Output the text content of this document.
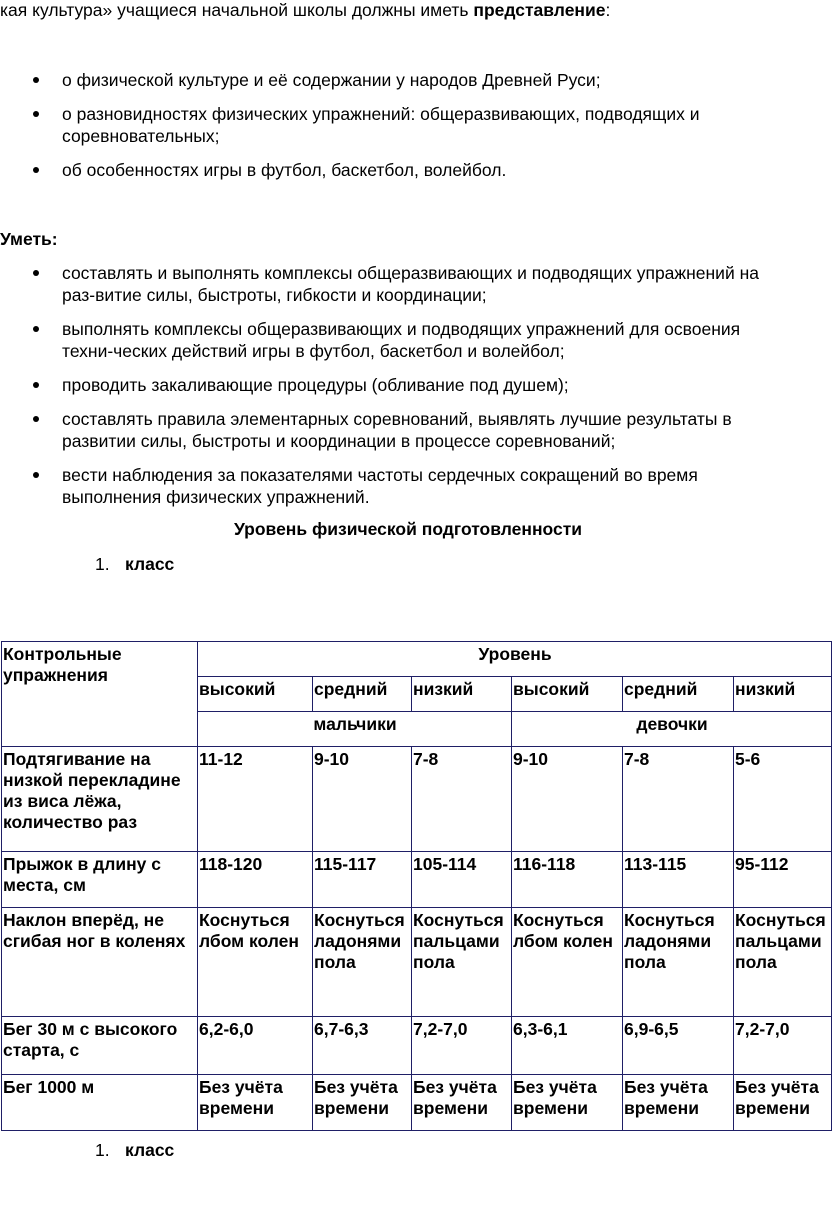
кая культура» учащиеся начальной школы должны иметь представление:
о физической культуре и её содержании у народов Древней Руси;
о разновидностях физических упражнений: общеразвивающих, подводящих и соревновательных;
об особенностях игры в футбол, баскетбол, волейбол.
Уметь:
составлять и выполнять комплексы общеразвивающих и подводящих упражнений на раз-витие силы, быстроты, гибкости и координации;
выполнять комплексы общеразвивающих и подводящих упражнений для освоения техни-ческих действий игры в футбол, баскетбол и волейбол;
проводить закаливающие процедуры (обливание под душем);
составлять правила элементарных соревнований, выявлять лучшие результаты в развитии силы, быстроты и координации в процессе соревнований;
вести наблюдения за показателями частоты сердечных сокращений во время выполнения физических упражнений.
Уровень физической подготовленности
1. класс
Контрольные упражнения	Уровень					
	высокий	средний	низкий	высокий	средний	низкий
	мальчики			девочки		
Подтягивание на низкой перекладине из виса лёжа, количество раз	11-12	9-10	7-8	9-10	7-8	5-6
Прыжок в длину с места, см	118-120	115-117	105-114	116-118	113-115	95-112
Наклон вперёд, не сгибая ног в коленях	Коснуться лбом колен	Коснуться ладонями пола	Коснуться пальцами пола	Коснуться лбом колен	Коснуться ладонями пола	Коснуться пальцами пола
Бег 30 м с высокого старта, с	6,2-6,0	6,7-6,3	7,2-7,0	6,3-6,1	6,9-6,5	7,2-7,0
Бег 1000 м	Без учёта времени	Без учёта времени	Без учёта времени	Без учёта времени	Без учёта времени	Без учёта времени
1. класс
